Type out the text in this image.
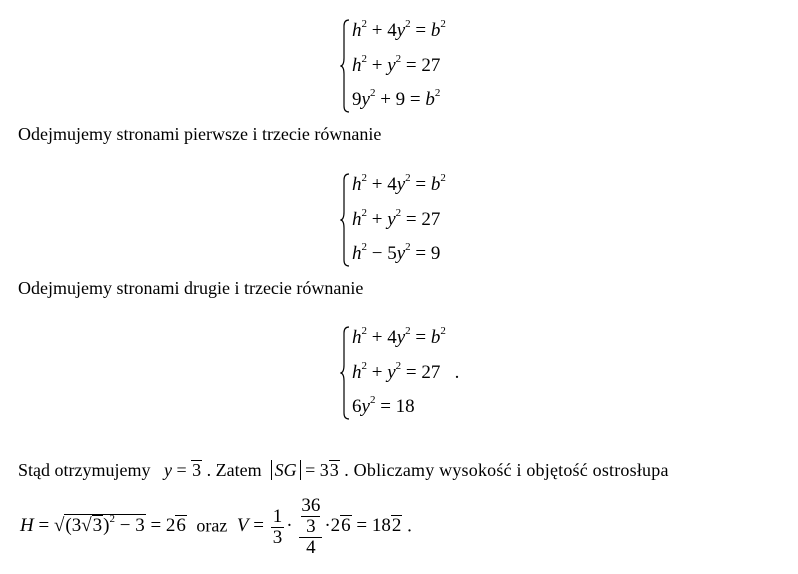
$h^2 + 4y^2 = b^2$
$h^2 + y^2 = 27$
$9y^2 + 9 = b^2$
Odejmujemy stronami pierwsze i trzecie równanie
$h^2 + 4y^2 = b^2$
$h^2 + y^2 = 27$
$h^2 - 5y^2 = 9$
Odejmujemy stronami drugie i trzecie równanie
$h^2 + 4y^2 = b^2$
$h^2 + y^2 = 27$   .
$6y^2 = 18$
Stąd otrzymujemy y = 3 . Zatem SG = 33 . Obliczamy wysokość i objętość ostrosłupa
$H = √(3√3)^2 - 3 = 26$ oraz $V = \frac{1}{3} \cdot 36$
3
4 ·26 = 182 .
